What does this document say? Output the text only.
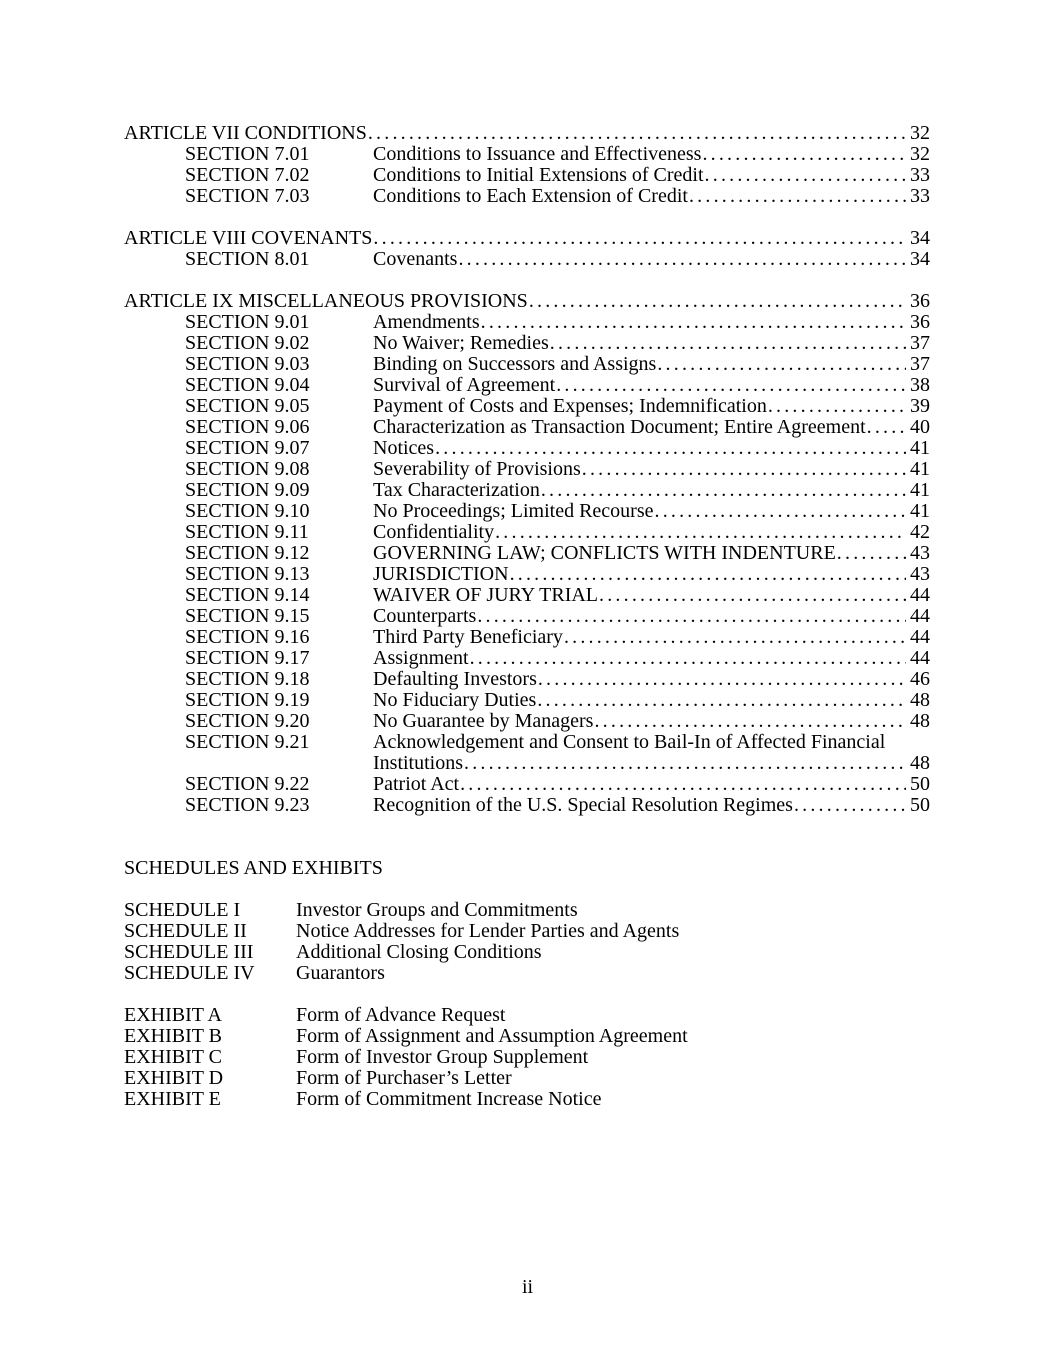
ARTICLE VII CONDITIONS .....	32
SECTION 7.01	Conditions to Issuance and Effectiveness .....	32
SECTION 7.02	Conditions to Initial Extensions of Credit .....	33
SECTION 7.03	Conditions to Each Extension of Credit .....	33
ARTICLE VIII COVENANTS .....	34
SECTION 8.01	Covenants .....	34
ARTICLE IX MISCELLANEOUS PROVISIONS .....	36
SECTION 9.01	Amendments .....	36
SECTION 9.02	No Waiver; Remedies .....	37
SECTION 9.03	Binding on Successors and Assigns .....	37
SECTION 9.04	Survival of Agreement .....	38
SECTION 9.05	Payment of Costs and Expenses; Indemnification .....	39
SECTION 9.06	Characterization as Transaction Document; Entire Agreement ..... 40
SECTION 9.07	Notices .....	41
SECTION 9.08	Severability of Provisions .....	41
SECTION 9.09	Tax Characterization .....	41
SECTION 9.10	No Proceedings; Limited Recourse .....	41
SECTION 9.11	Confidentiality .....	42
SECTION 9.12	GOVERNING LAW; CONFLICTS WITH INDENTURE .....	43
SECTION 9.13	JURISDICTION .....	43
SECTION 9.14	WAIVER OF JURY TRIAL .....	44
SECTION 9.15	Counterparts .....	44
SECTION 9.16	Third Party Beneficiary .....	44
SECTION 9.17	Assignment .....	44
SECTION 9.18	Defaulting Investors .....	46
SECTION 9.19	No Fiduciary Duties .....	48
SECTION 9.20	No Guarantee by Managers .....	48
SECTION 9.21	Acknowledgement and Consent to Bail-In of Affected Financial
Institutions .....	48
SECTION 9.22	Patriot Act .....	50
SECTION 9.23	Recognition of the U.S. Special Resolution Regimes .....	50
SCHEDULES AND EXHIBITS
SCHEDULE I	Investor Groups and Commitments
SCHEDULE II	Notice Addresses for Lender Parties and Agents
SCHEDULE III	Additional Closing Conditions
SCHEDULE IV	Guarantors
EXHIBIT A	Form of Advance Request
EXHIBIT B	Form of Assignment and Assumption Agreement
EXHIBIT C	Form of Investor Group Supplement
EXHIBIT D	Form of Purchaser’s Letter
EXHIBIT E	Form of Commitment Increase Notice
ii
